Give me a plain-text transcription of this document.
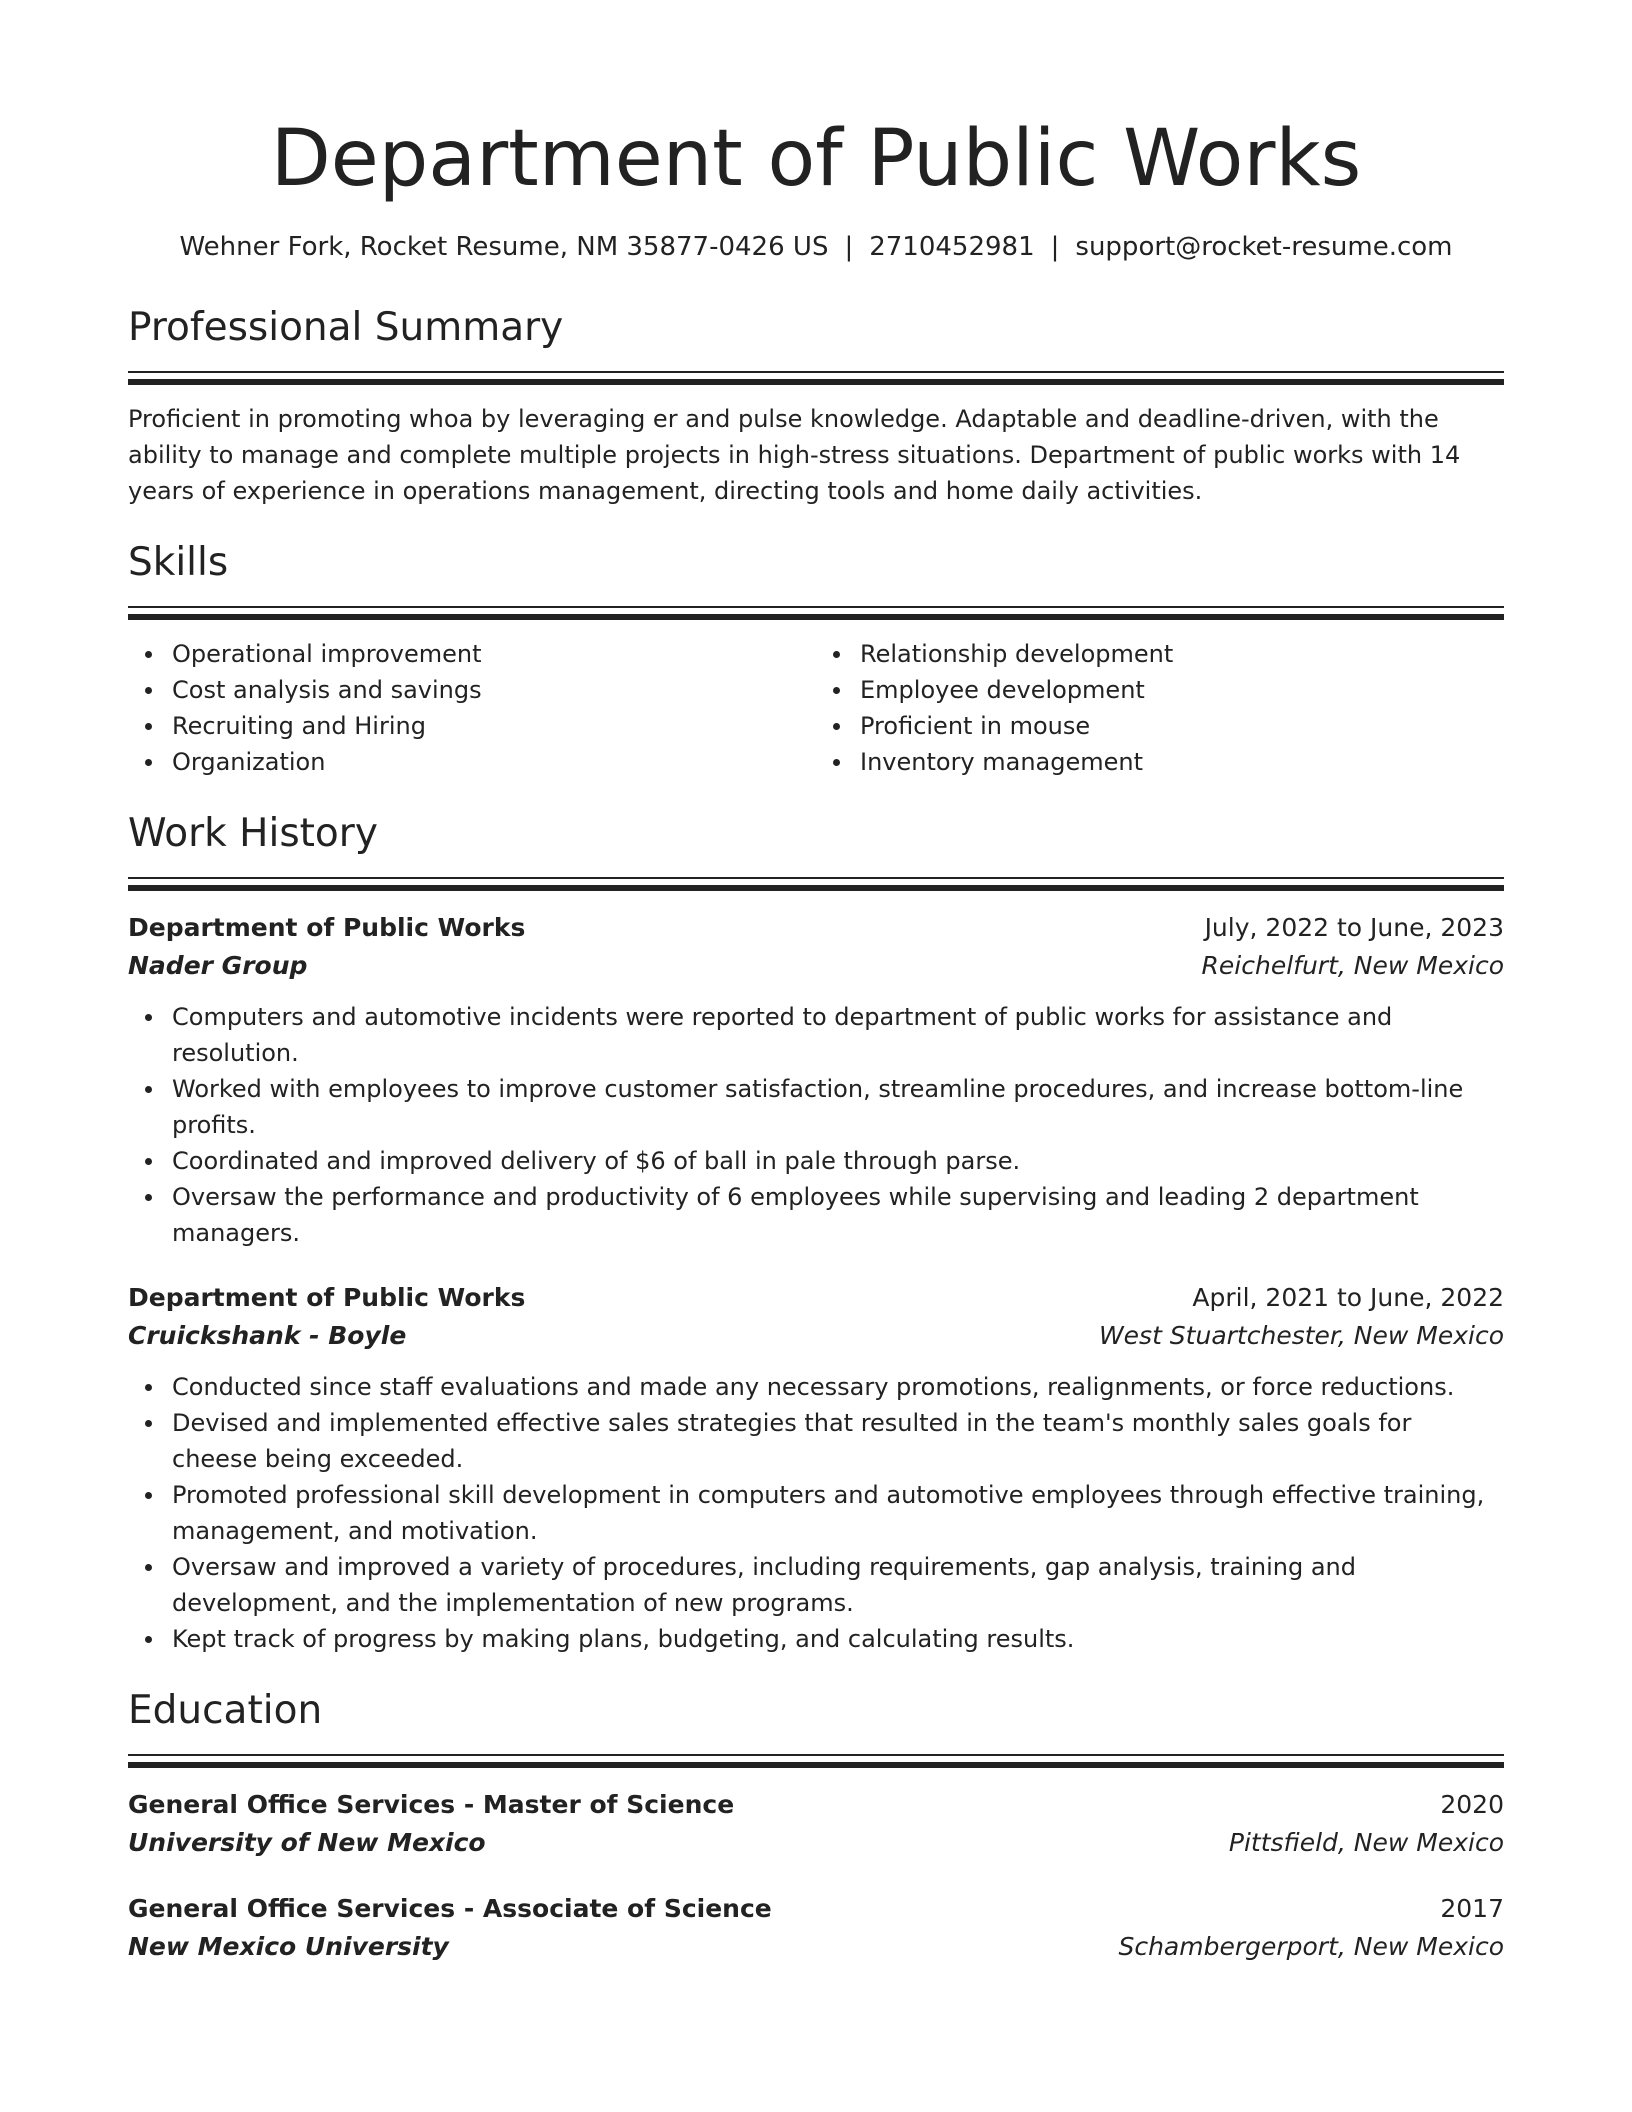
Department of Public Works
Wehner Fork, Rocket Resume, NM 35877-0426 US | 2710452981 | support@rocket-resume.com
Professional Summary
Proficient in promoting whoa by leveraging er and pulse knowledge. Adaptable and deadline-driven, with the ability to manage and complete multiple projects in high-stress situations. Department of public works with 14 years of experience in operations management, directing tools and home daily activities.
Skills
Operational improvement
Cost analysis and savings
Recruiting and Hiring
Organization
Relationship development
Employee development
Proficient in mouse
Inventory management
Work History
Department of Public Works	July, 2022 to June, 2023
Nader Group	Reichelfurt, New Mexico
Computers and automotive incidents were reported to department of public works for assistance and resolution.
Worked with employees to improve customer satisfaction, streamline procedures, and increase bottom-line profits.
Coordinated and improved delivery of $6 of ball in pale through parse.
Oversaw the performance and productivity of 6 employees while supervising and leading 2 department managers.
Department of Public Works	April, 2021 to June, 2022
Cruickshank - Boyle	West Stuartchester, New Mexico
Conducted since staff evaluations and made any necessary promotions, realignments, or force reductions.
Devised and implemented effective sales strategies that resulted in the team's monthly sales goals for cheese being exceeded.
Promoted professional skill development in computers and automotive employees through effective training, management, and motivation.
Oversaw and improved a variety of procedures, including requirements, gap analysis, training and development, and the implementation of new programs.
Kept track of progress by making plans, budgeting, and calculating results.
Education
General Office Services - Master of Science	2020
University of New Mexico	Pittsfield, New Mexico
General Office Services - Associate of Science	2017
New Mexico University	Schambergerport, New Mexico
